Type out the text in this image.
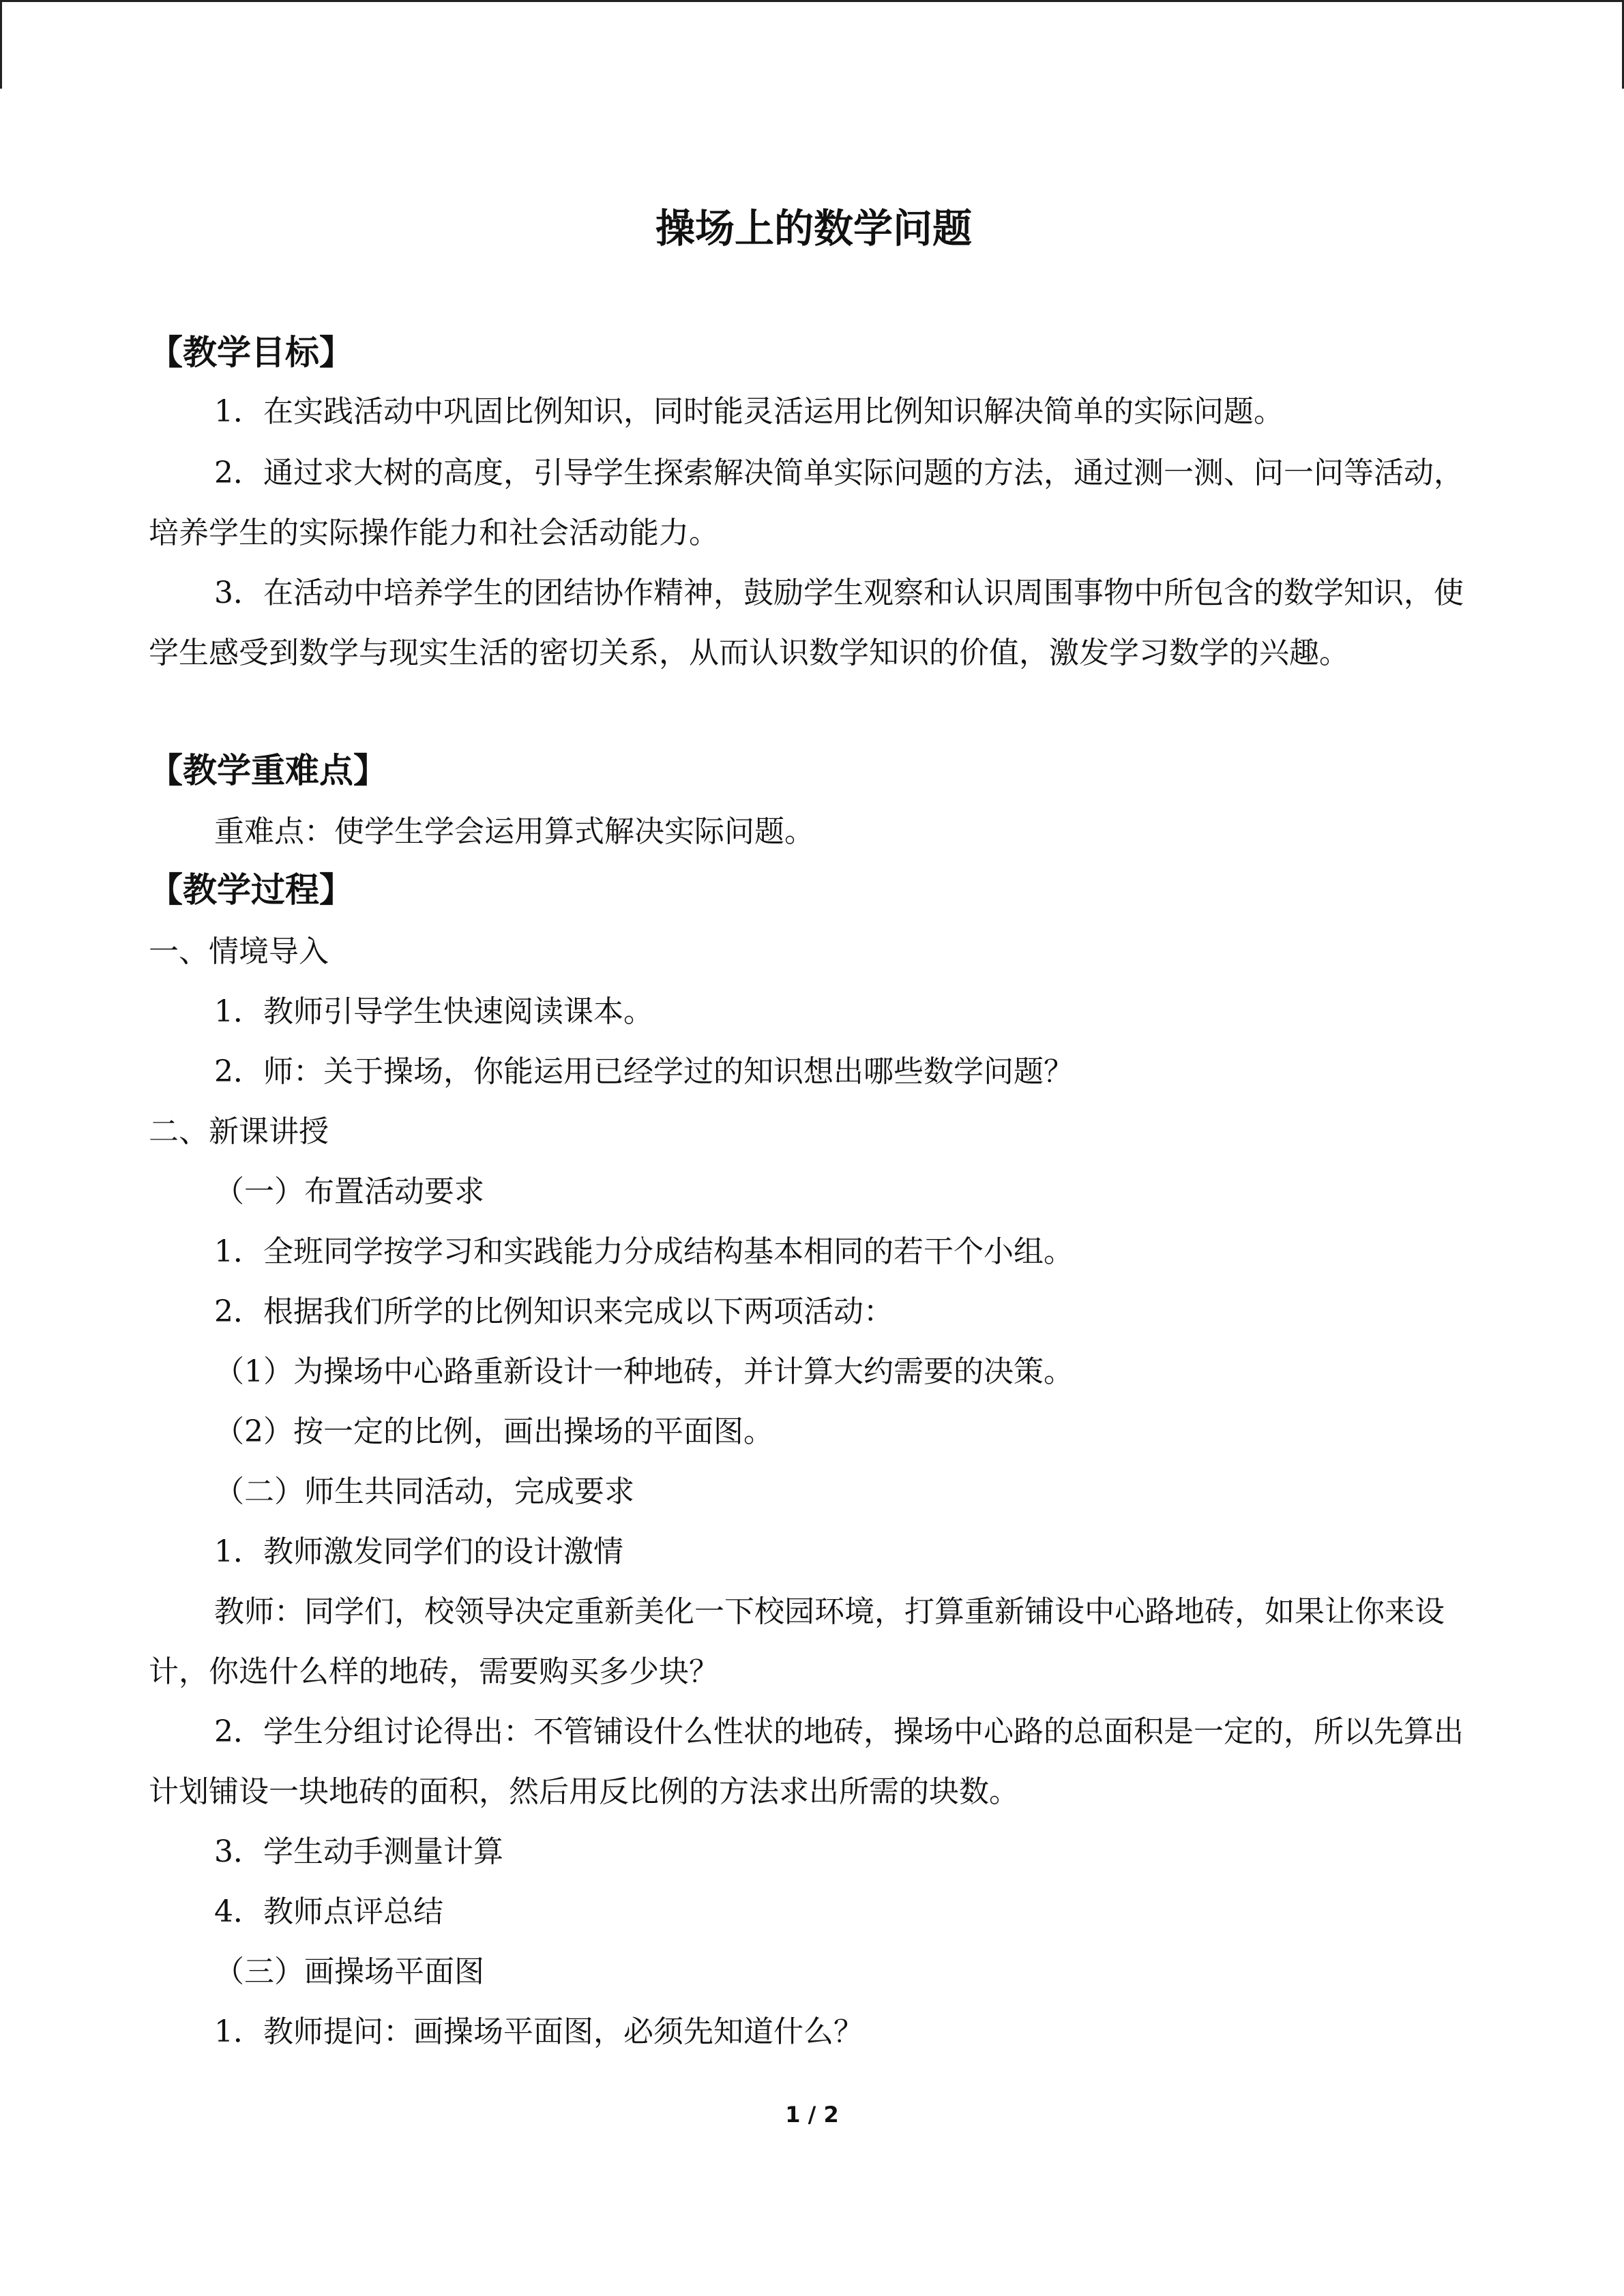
操场上的数学问题
【教学目标】
1．在实践活动中巩固比例知识，同时能灵活运用比例知识解决简单的实际问题。
2．通过求大树的高度，引导学生探索解决简单实际问题的方法，通过测一测、问一问等活动，培养学生的实际操作能力和社会活动能力。
3．在活动中培养学生的团结协作精神，鼓励学生观察和认识周围事物中所包含的数学知识，使学生感受到数学与现实生活的密切关系，从而认识数学知识的价值，激发学习数学的兴趣。
【教学重难点】
重难点：使学生学会运用算式解决实际问题。
【教学过程】
一、情境导入
1．教师引导学生快速阅读课本。
2．师：关于操场，你能运用已经学过的知识想出哪些数学问题？
二、新课讲授
（一）布置活动要求
1．全班同学按学习和实践能力分成结构基本相同的若干个小组。
2．根据我们所学的比例知识来完成以下两项活动：
（1）为操场中心路重新设计一种地砖，并计算大约需要的决策。
（2）按一定的比例，画出操场的平面图。
（二）师生共同活动，完成要求
1．教师激发同学们的设计激情
教师：同学们，校领导决定重新美化一下校园环境，打算重新铺设中心路地砖，如果让你来设计，你选什么样的地砖，需要购买多少块？
2．学生分组讨论得出：不管铺设什么性状的地砖，操场中心路的总面积是一定的，所以先算出计划铺设一块地砖的面积，然后用反比例的方法求出所需的块数。
3．学生动手测量计算
4．教师点评总结
（三）画操场平面图
1．教师提问：画操场平面图，必须先知道什么？
1 / 2
